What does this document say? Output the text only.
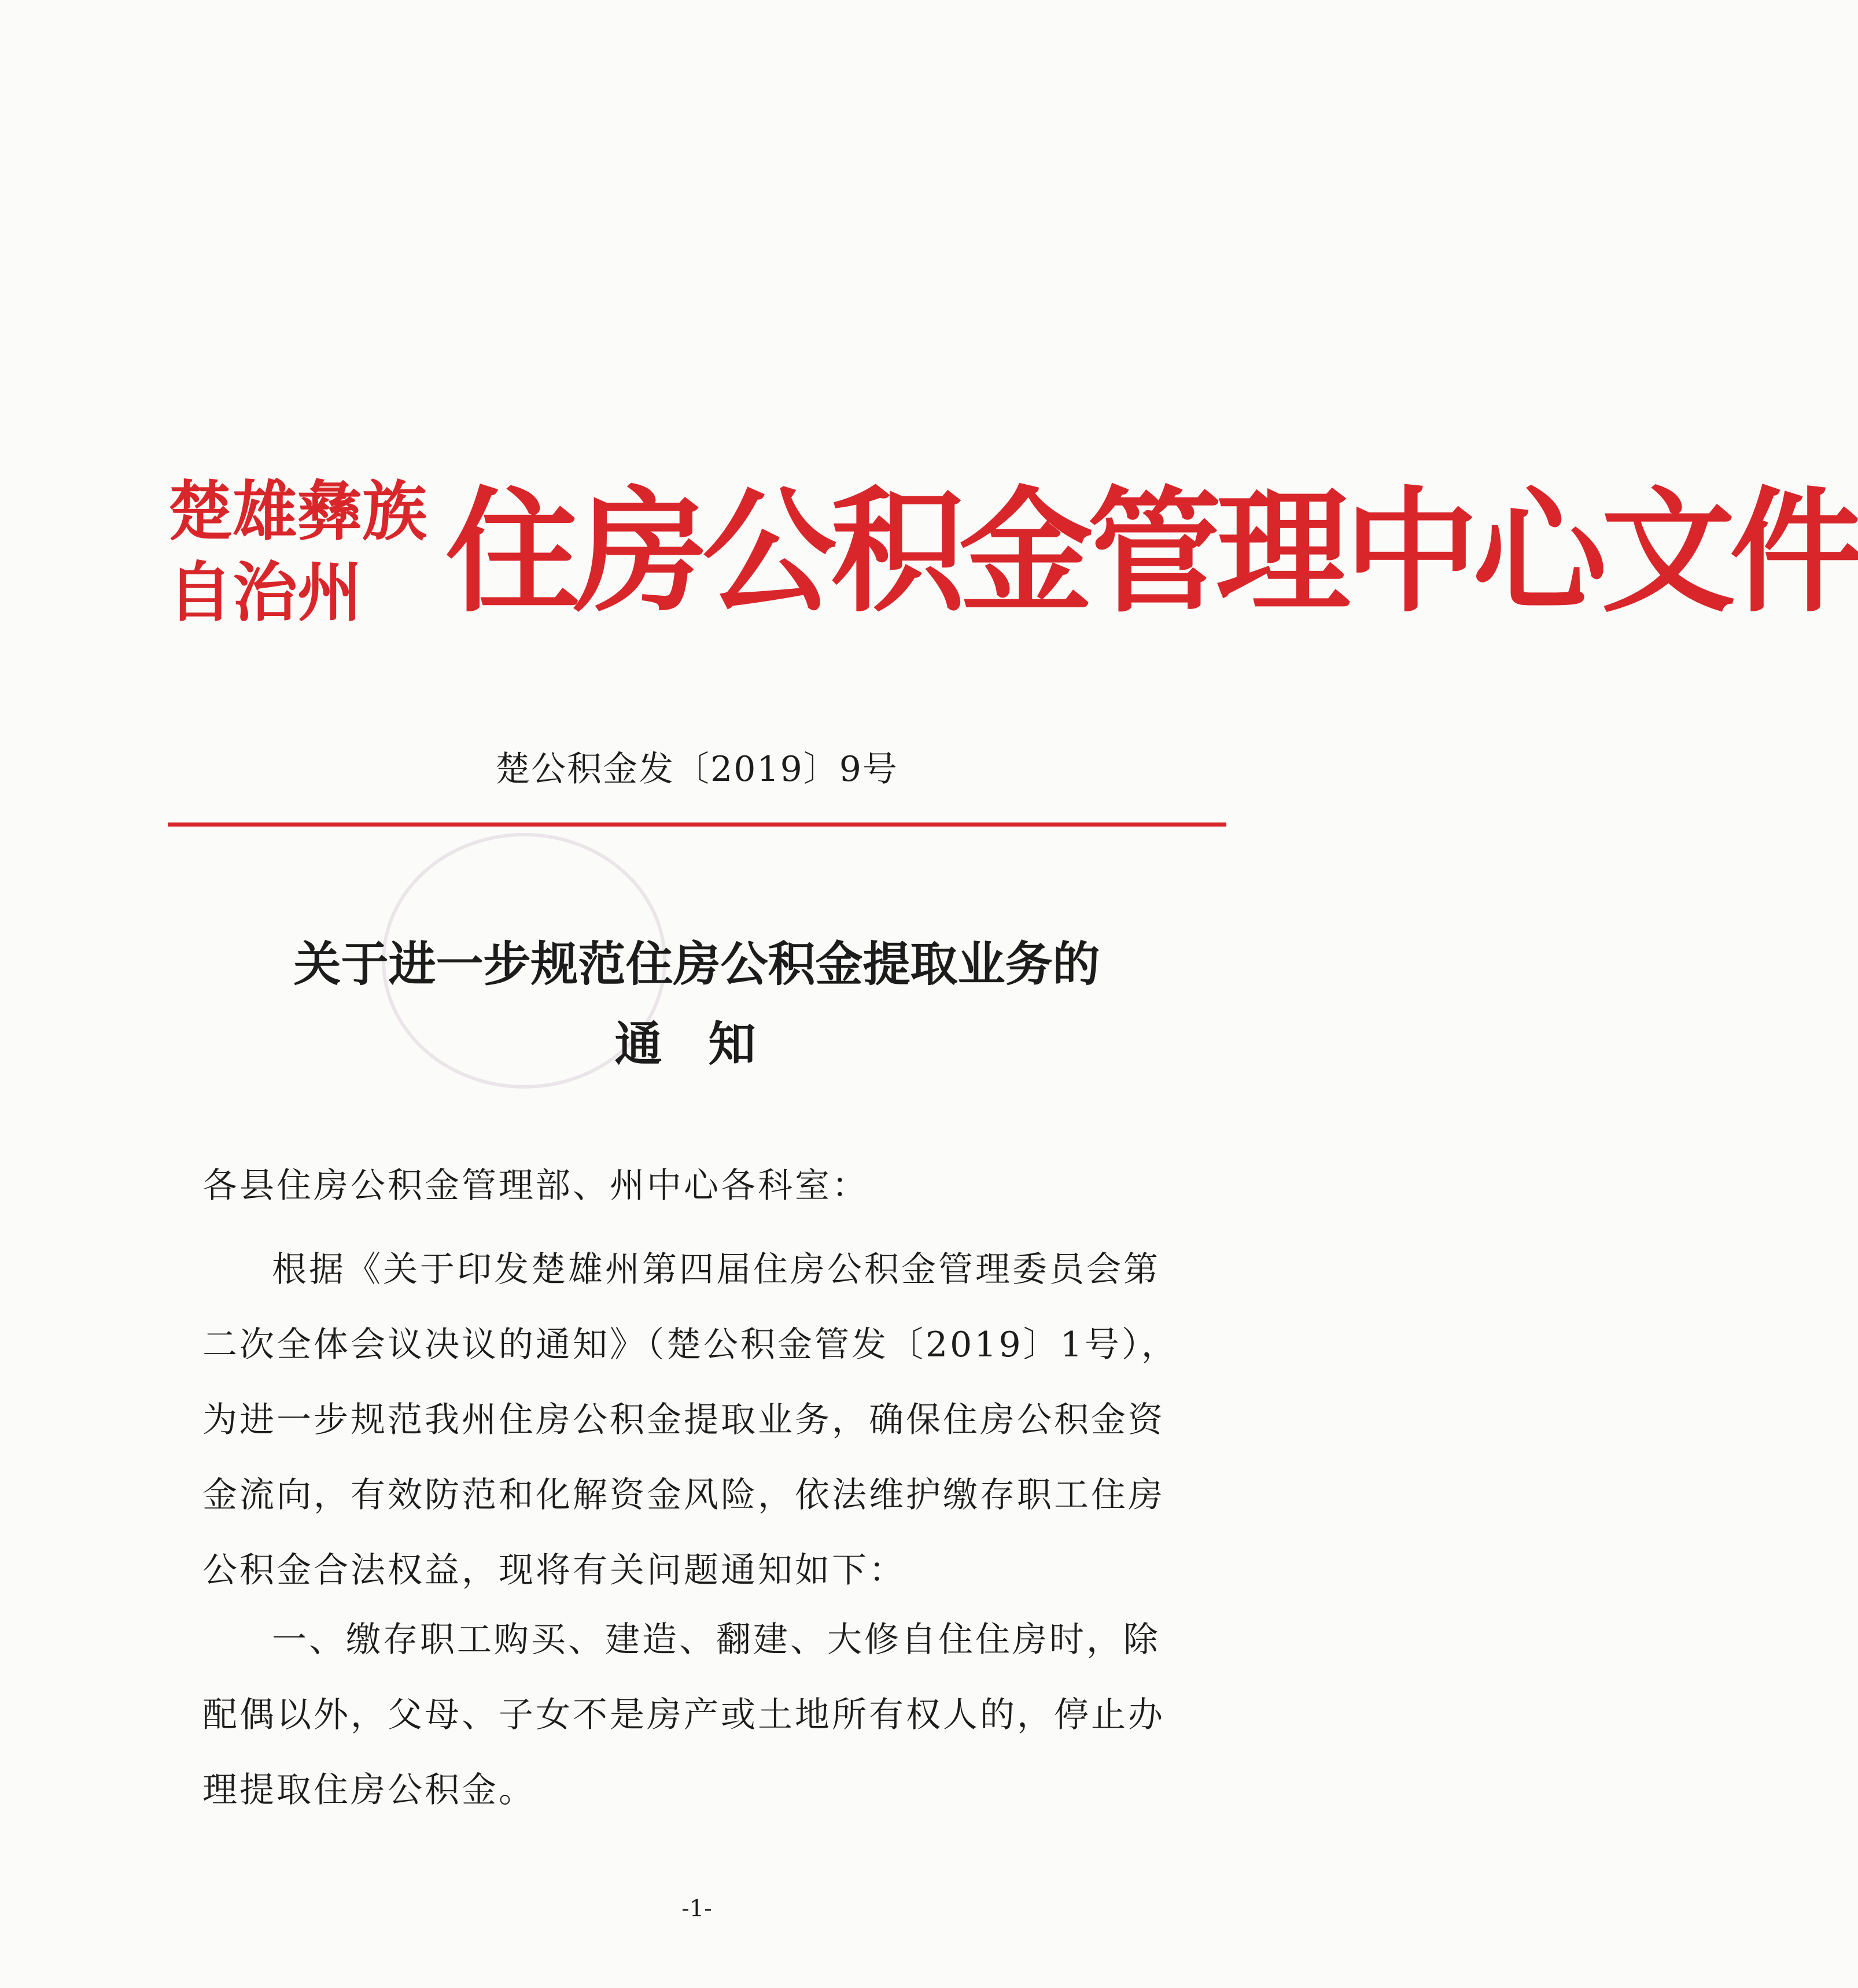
楚雄彝族
自治州 住房公积金管理中心文件
楚公积金发〔2019〕9号
关于进一步规范住房公积金提取业务的
通知
各县住房公积金管理部、州中心各科室：
根据《关于印发楚雄州第四届住房公积金管理委员会第
二次全体会议决议的通知》（楚公积金管发〔2019〕1号），
为进一步规范我州住房公积金提取业务，确保住房公积金资
金流向，有效防范和化解资金风险，依法维护缴存职工住房
公积金合法权益，现将有关问题通知如下：
一、缴存职工购买、建造、翻建、大修自住住房时，除
配偶以外，父母、子女不是房产或土地所有权人的，停止办
理提取住房公积金。
-1-
